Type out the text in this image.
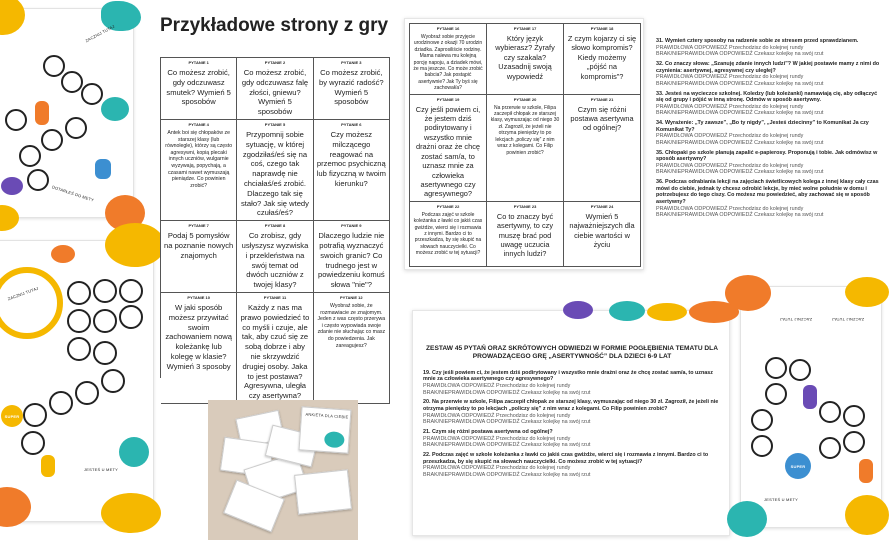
ZACZNIJ TUTAJ
DOTARŁEŚ DO METY
ZACZNIJ TUTAJ
SUPER
JESTEŚ U METY
Przykładowe strony z gry
PYTANIE 1
Co możesz zrobić, gdy odczuwasz smutek? Wymień 5 sposobów
PYTANIE 2
Co możesz zrobić, gdy odczuwasz falę złości, gniewu? Wymień 5 sposobów
PYTANIE 3
Co możesz zrobić, by wyrazić radość? Wymień 5 sposobów
PYTANIE 4
Antek boi się chłopaków ze starszej klasy (lub równolegle), którzy są często agresywni, kopią plecaki innych uczniów, wulgarnie wyzywają, popychają, a czasami nawet wymuszają pieniądze. Co powinien zrobić?
PYTANIE 5
Przypomnij sobie sytuację, w której zgodziłaś/eś się na coś, czego tak naprawdę nie chciałaś/eś zrobić. Dlaczego tak się stało? Jak się wtedy czułaś/eś?
PYTANIE 6
Czy możesz milczącego reagować na przemoc psychiczną lub fizyczną w twoim kierunku?
PYTANIE 7
Podaj 5 pomysłów na poznanie nowych znajomych
PYTANIE 8
Co zrobisz, gdy usłyszysz wyzwiska i przekleństwa na swój temat od dwóch uczniów z twojej klasy?
PYTANIE 9
Dlaczego ludzie nie potrafią wyznaczyć swoich granic? Co trudnego jest w powiedzeniu komuś słowa "nie"?
PYTANIE 10
W jaki sposób możesz przywitać swoim zachowaniem nową koleżankę lub kolegę w klasie? Wymień 3 sposoby
PYTANIE 11
Każdy z nas ma prawo powiedzieć to co myśli i czuje, ale tak, aby czuć się ze sobą dobrze i aby nie skrzywdzić drugiej osoby. Jaka to jest postawa? Agresywna, uległa czy asertywna?
PYTANIE 12
Wyobraź sobie, że rozmawiacie ze znajomym. Jeden z was często przerywa i często wypowiada swoje zdanie nie słuchając co masz do powiedzenia. Jak zareagujesz?
PYTANIE 16
Wyobraź sobie przyjęcie urodzinowe z okazji 70 urodzin dziadka. Zaprosiliście rodzinę. Mama nalewa mu kolejną porcję napoju, a dziadek mówi, że ma jeszcze. Co może zrobić babcia? Jak postąpić asertywnie? Jak Ty byś się zachował/a?
PYTANIE 17
Który język wybierasz? Żyrafy czy szakala? Uzasadnij swoją wypowiedź
PYTANIE 18
Z czym kojarzy ci się słowo kompromis? Kiedy możemy „pójść na kompromis”?
PYTANIE 19
Czy jeśli powiem ci, że jestem dziś podirytowany i wszystko mnie drażni oraz że chcę zostać sam/a, to uznasz mnie za człowieka asertywnego czy agresywnego?
PYTANIE 20
Na przerwie w szkole, Filipa zaczepił chłopak ze starszej klasy, wymuszając od niego 30 zł. Zagroził, że jeżeli nie otrzyma pieniędzy to po lekcjach „policzy się” z nim wraz z kolegami. Co Filip powinien zrobić?
PYTANIE 21
Czym się różni postawa asertywna od ogólnej?
PYTANIE 22
Podczas zajęć w szkole koleżanka z ławki co jakiś czas gwiżdże, wierci się i rozmawia z innymi. Bardzo ci to przeszkadza, by się skupić na słowach nauczycielki. Co możesz zrobić w tej sytuacji?
PYTANIE 23
Co to znaczy być asertywny, to czy muszę brać pod uwagę uczucia innych ludzi?
PYTANIE 24
Wymień 5 najważniejszych dla ciebie wartości w życiu
31. Wymień cztery sposoby na radzenie sobie ze stresem przed sprawdzianem.
PRAWIDŁOWA ODPOWIEDŹ Przechodzisz do kolejnej rundy
BRAK/NIEPRAWIDŁOWA ODPOWIEDŹ Czekasz kolejkę na swój rzut
32. Co znaczy słowa: „Szanuję zdanie innych ludzi”? W jakiej postawie mamy z nimi do czynienia: asertywnej, agresywnej czy uległej?
PRAWIDŁOWA ODPOWIEDŹ Przechodzisz do kolejnej rundy
BRAK/NIEPRAWIDŁOWA ODPOWIEDŹ Czekasz kolejkę na swój rzut
33. Jesteś na wycieczce szkolnej. Koledzy (lub koleżanki) namawiają cię, aby odłączyć się od grupy i pójść w inną stronę. Odmów w sposób asertywny.
PRAWIDŁOWA ODPOWIEDŹ Przechodzisz do kolejnej rundy
BRAK/NIEPRAWIDŁOWA ODPOWIEDŹ Czekasz kolejkę na swój rzut
34. Wyrażenie: „Ty zawsze”, „Bo ty nigdy”, „Jesteś dziecinny” to Komunikat Ja czy Komunikat Ty?
PRAWIDŁOWA ODPOWIEDŹ Przechodzisz do kolejnej rundy
BRAK/NIEPRAWIDŁOWA ODPOWIEDŹ Czekasz kolejkę na swój rzut
35. Chłopaki po szkole planują zapalić e-papierosy. Proponują i tobie. Jak odmówisz w sposób asertywny?
PRAWIDŁOWA ODPOWIEDŹ Przechodzisz do kolejnej rundy
BRAK/NIEPRAWIDŁOWA ODPOWIEDŹ Czekasz kolejkę na swój rzut
36. Podczas odrabiania lekcji na zajęciach świetlicowych kolega z innej klasy cały czas mówi do ciebie, jednak ty chcesz odrobić lekcje, by mieć wolne południe w domu i potrzebujesz do tego ciszy. Co możesz mu powiedzieć, aby zachować się w sposób asertywny?
PRAWIDŁOWA ODPOWIEDŹ Przechodzisz do kolejnej rundy
BRAK/NIEPRAWIDŁOWA ODPOWIEDŹ Czekasz kolejkę na swój rzut
ANKIETA DLA CIEBIE
ZESTAW 45 PYTAŃ ORAZ SKRÓTOWYCH ODWIEDZI W FORMIE POGŁĘBIENIA TEMATU DLA PROWADZĄCEGO GRĘ „ASERTYWNOŚĆ” DLA DZIECI 6-9 LAT
19. Czy jeśli powiem ci, że jestem dziś podirytowany i wszystko mnie drażni oraz że chcę zostać sam/a, to uznasz mnie za człowieka asertywnego czy agresywnego?
PRAWIDŁOWA ODPOWIEDŹ Przechodzisz do kolejnej rundy
BRAK/NIEPRAWIDŁOWA ODPOWIEDŹ Czekasz kolejkę na swój rzut
20. Na przerwie w szkole, Filipa zaczepił chłopak ze starszej klasy, wymuszając od niego 30 zł. Zagroził, że jeżeli nie otrzyma pieniędzy to po lekcjach „policzy się” z nim wraz z kolegami. Co Filip powinien zrobić?
PRAWIDŁOWA ODPOWIEDŹ Przechodzisz do kolejnej rundy
BRAK/NIEPRAWIDŁOWA ODPOWIEDŹ Czekasz kolejkę na swój rzut
21. Czym się różni postawa asertywna od ogólnej?
PRAWIDŁOWA ODPOWIEDŹ Przechodzisz do kolejnej rundy
BRAK/NIEPRAWIDŁOWA ODPOWIEDŹ Czekasz kolejkę na swój rzut
22. Podczas zajęć w szkole koleżanka z ławki co jakiś czas gwiżdże, wierci się i rozmawia z innymi. Bardzo ci to przeszkadza, by się skupić na słowach nauczycielki. Co możesz zrobić w tej sytuacji?
PRAWIDŁOWA ODPOWIEDŹ Przechodzisz do kolejnej rundy
BRAK/NIEPRAWIDŁOWA ODPOWIEDŹ Czekasz kolejkę na swój rzut
ZACZNIJ TUTAJ	ZACZNIJ TUTAJ
SUPER
JESTEŚ U METY
